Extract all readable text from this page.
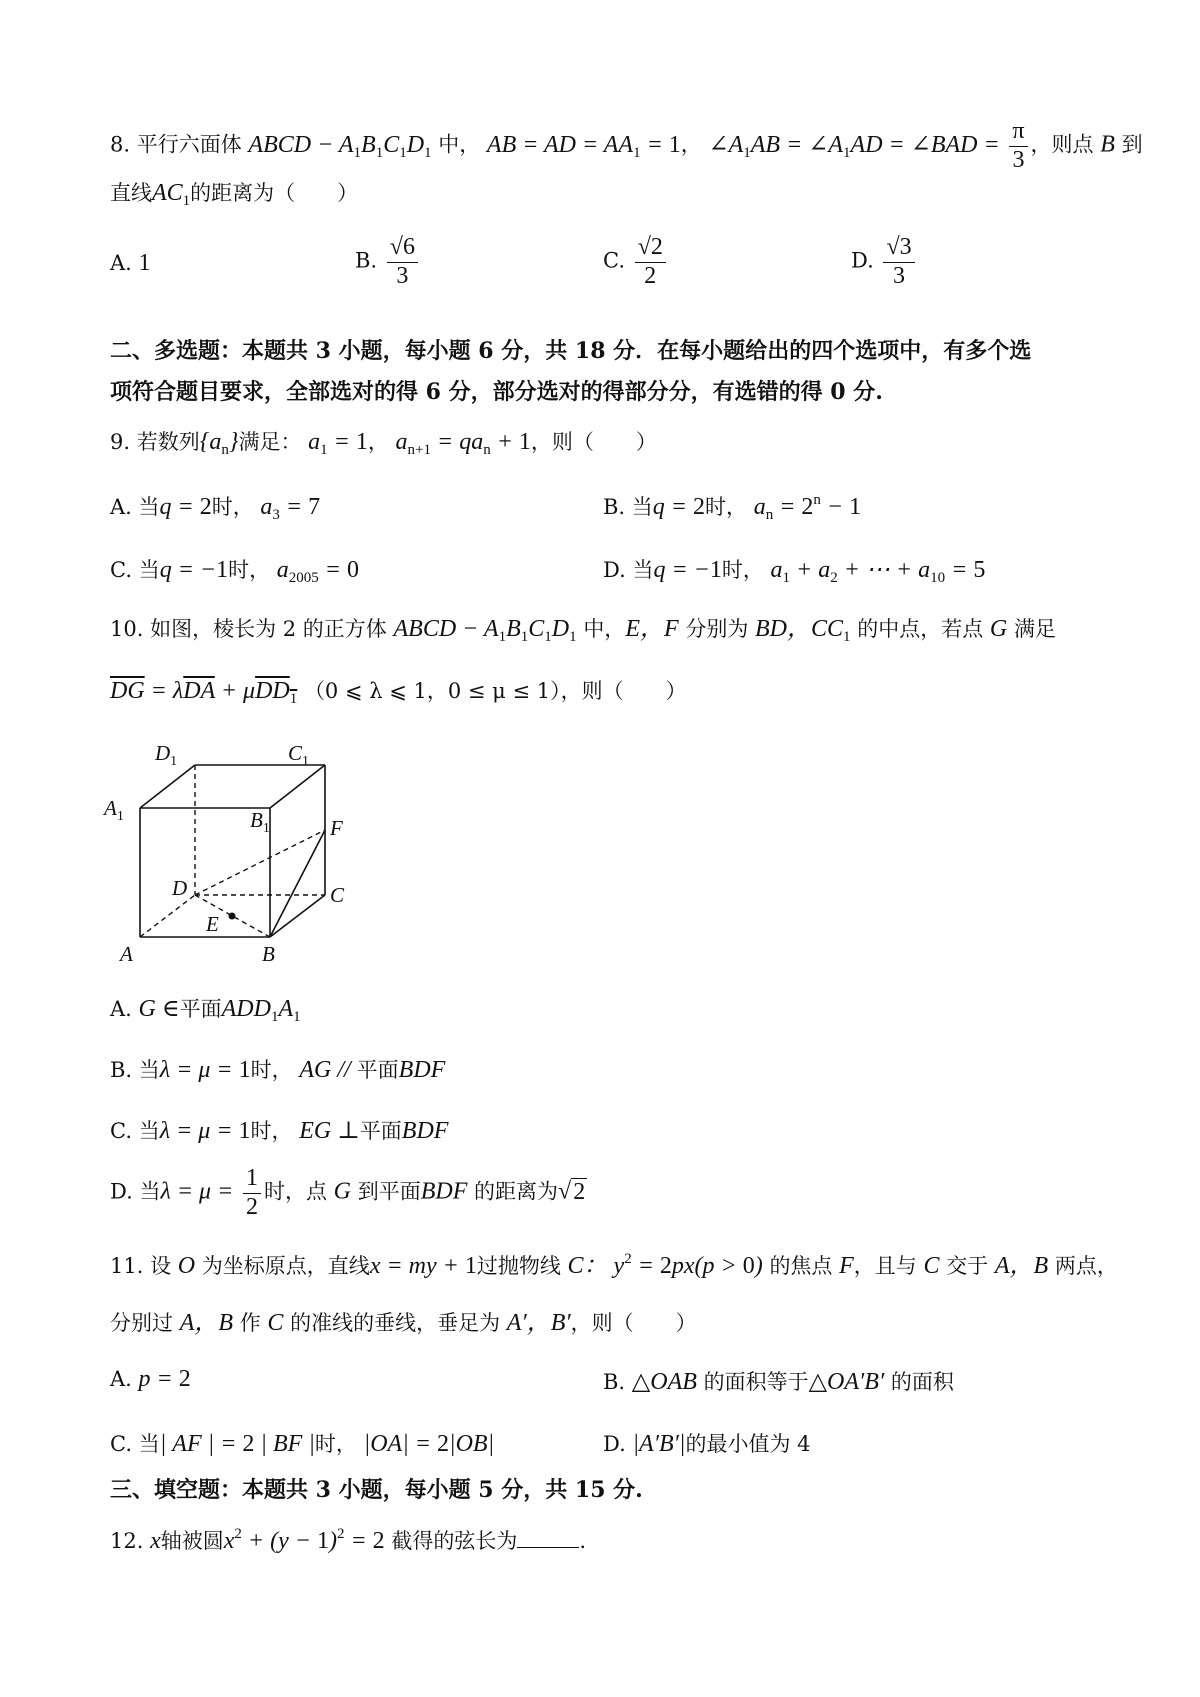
8. 平行六面体 ABCD − $A_1B_1C_1D_1$ 中， AB = AD = $AA_1 = 1$， $\angle A_1AB$ = $\angle A_1AD$ = ∠BAD = $\frac{\pi}{3}$ ，则点 B 到
直线$AC_1$的距离为（　　）
A. 1	B. $\frac{√6}{3}$	C. $\frac{√2}{2}$	D. $\frac{√3}{3}$
二、多选题：本题共 3 小题，每小题 6 分，共 18 分．在每小题给出的四个选项中，有多个选
项符合题目要求，全部选对的得 6 分，部分选对的得部分分，有选错的得 0 分.
9. 若数列$\{a_n\}$满足： $a_1 = 1$， $a_{n+1} = qa_n + 1$，则（　　）
A. 当q = 2时， $a_3 = 7$	B. 当q = 2时， $a_n = 2^n - 1$
C. 当q = −1时， $a_{2005} = 0$	D. 当q = −1时， $a_1 + a_2$ + ⋯ + $a_{10} = 5$
10. 如图，棱长为 2 的正方体 ABCD − $A_1B_1C_1D_1$ 中，E，F 分别为 BD，$CC_1$ 的中点，若点 G 满足
$\overline{DG} = \lambda\overline{DA} + \mu DD_1$ （0 ⩽ λ ⩽ 1，0 ≤ μ ≤ 1），则（　　）
$D_1$	$C_1$
$A_1$	$B_1$	F
D	C
E
A	B
A. G ∈平面$ADD_1A_1$
B. 当λ = μ = 1时， AG // 平面BDF
C. 当λ = μ = 1时， EG ⊥平面BDF
D. 当$\lambda = \mu = \frac{1}{2}$ 时，点 G 到平面BDF 的距离为√2
11. 设 O 为坐标原点，直线x = my + 1过抛物线 C： $y^2 = 2px(p > 0)$ 的焦点 F，且与 C 交于 A，B 两点，
分别过 A，B 作 C 的准线的垂线，垂足为 A′，B′，则（　　）
A. p = 2	B. △OAB 的面积等于△OA′B′ 的面积
C. 当| AF | = 2 | BF |时， |OA| = 2|OB|	D. |A′B′|的最小值为 4
三、填空题：本题共 3 小题，每小题 5 分，共 15 分.
12. x轴被圆$x^2 + (y - 1)^2 = 2$ 截得的弦长为	.
